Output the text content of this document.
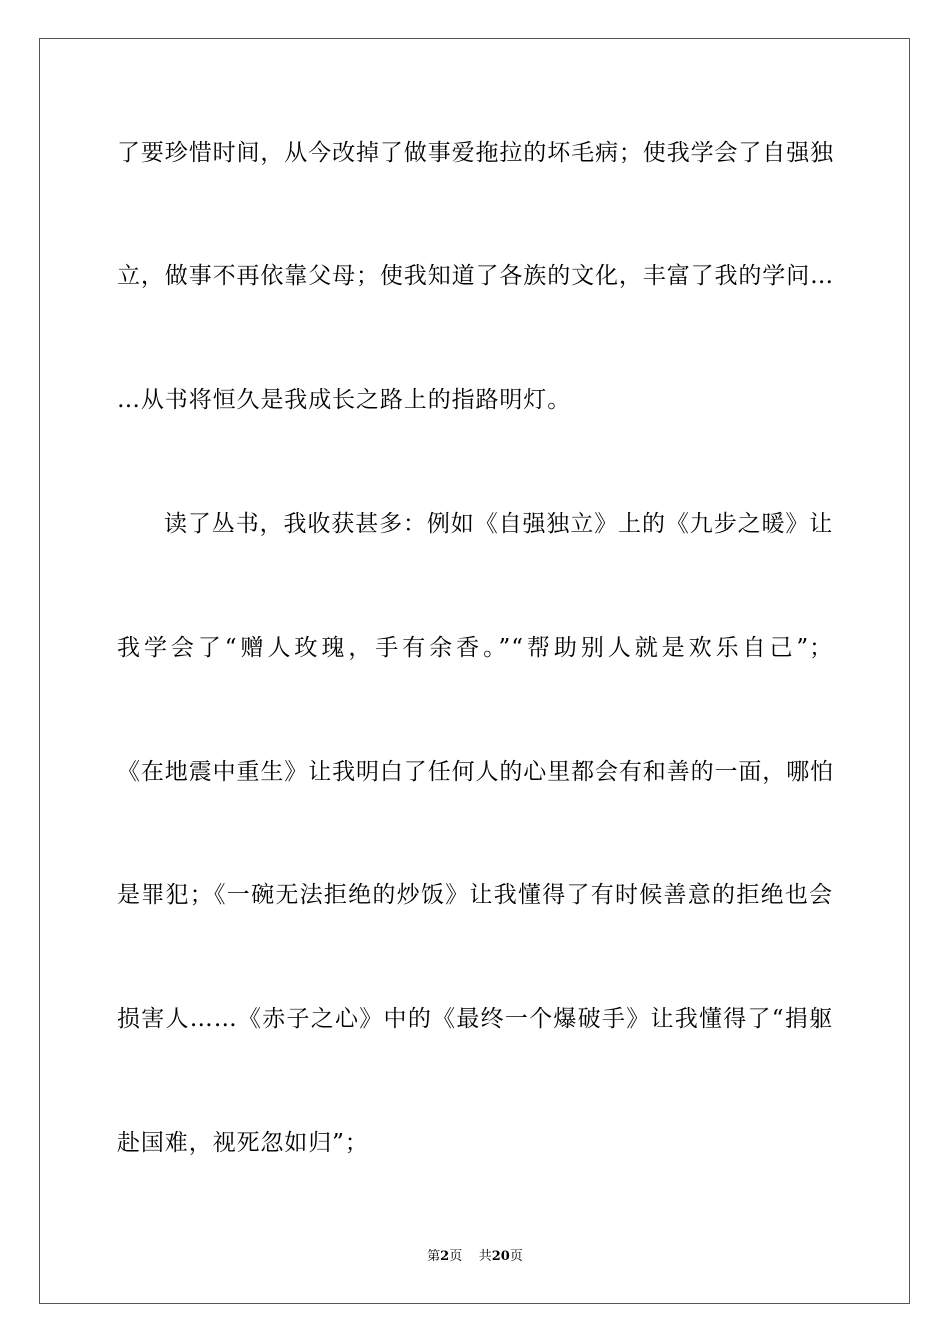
了要珍惜时间，从今改掉了做事爱拖拉的坏毛病；使我学会了自强独
立，做事不再依靠父母；使我知道了各族的文化，丰富了我的学问…
…从书将恒久是我成长之路上的指路明灯。
读了丛书，我收获甚多：例如《自强独立》上的《九步之暖》让
我学会了“赠人玫瑰，手有余香。”“帮助别人就是欢乐自己”；
《在地震中重生》让我明白了任何人的心里都会有和善的一面，哪怕
是罪犯；《一碗无法拒绝的炒饭》让我懂得了有时候善意的拒绝也会
损害人……《赤子之心》中的《最终一个爆破手》让我懂得了“捐躯
赴国难，视死忽如归”；
第2页 共20页
